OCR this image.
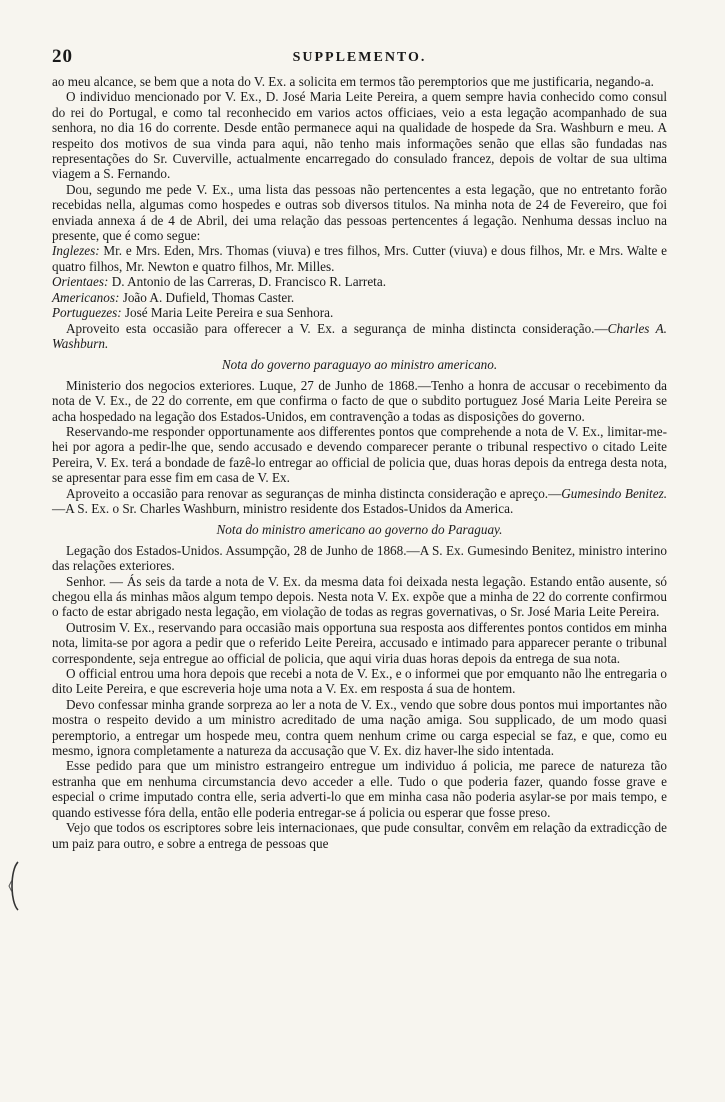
20	SUPPLEMENTO.

ao meu alcance, se bem que a nota do V. Ex. a solicita em termos tão peremptorios que me justificaria, negando-a.

O individuo mencionado por V. Ex., D. José Maria Leite Pereira, a quem sempre havia conhecido como consul do rei do Portugal, e como tal reconhecido em varios actos officiaes, veio a esta legação acompanhado de sua senhora, no dia 16 do corrente. Desde então permanece aqui na qualidade de hospede da Sra. Washburn e meu. A respeito dos motivos de sua vinda para aqui, não tenho mais informações senão que ellas são fundadas nas representações do Sr. Cuverville, actualmente encarregado do consulado francez, depois de voltar de sua ultima viagem a S. Fernando.

Dou, segundo me pede V. Ex., uma lista das pessoas não pertencentes a esta legação, que no entretanto forão recebidas nella, algumas como hospedes e outras sob diversos titulos. Na minha nota de 24 de Fevereiro, que foi enviada annexa á de 4 de Abril, dei uma relação das pessoas pertencentes á legação. Nenhuma dessas incluo na presente, que é como segue:

Inglezes: Mr. e Mrs. Eden, Mrs. Thomas (viuva) e tres filhos, Mrs. Cutter (viuva) e dous filhos, Mr. e Mrs. Walte e quatro filhos, Mr. Newton e quatro filhos, Mr. Milles.

Orientaes: D. Antonio de las Carreras, D. Francisco R. Larreta.

Americanos: João A. Dufield, Thomas Caster.

Portuguezes: José Maria Leite Pereira e sua Senhora.

Aproveito esta occasião para offerecer a V. Ex. a segurança de minha distincta consideração.—Charles A. Washburn.

Nota do governo paraguayo ao ministro americano.

Ministerio dos negocios exteriores. Luque, 27 de Junho de 1868.—Tenho a honra de accusar o recebimento da nota de V. Ex., de 22 do corrente, em que confirma o facto de que o subdito portuguez José Maria Leite Pereira se acha hospedado na legação dos Estados-Unidos, em contravenção a todas as disposições do governo.

Reservando-me responder opportunamente aos differentes pontos que comprehende a nota de V. Ex., limitar-me-hei por agora a pedir-lhe que, sendo accusado e devendo comparecer perante o tribunal respectivo o citado Leite Pereira, V. Ex. terá a bondade de fazê-lo entregar ao official de policia que, duas horas depois da entrega desta nota, se apresentar para esse fim em casa de V. Ex.

Aproveito a occasião para renovar as seguranças de minha distincta consideração e apreço.—Gumesindo Benitez.—A S. Ex. o Sr. Charles Washburn, ministro residente dos Estados-Unidos da America.

Nota do ministro americano ao governo do Paraguay.

Legação dos Estados-Unidos. Assumpção, 28 de Junho de 1868.—A S. Ex. Gumesindo Benitez, ministro interino das relações exteriores.

Senhor. — Ás seis da tarde a nota de V. Ex. da mesma data foi deixada nesta legação. Estando então ausente, só chegou ella ás minhas mãos algum tempo depois. Nesta nota V. Ex. expõe que a minha de 22 do corrente confirmou o facto de estar abrigado nesta legação, em violação de todas as regras governativas, o Sr. José Maria Leite Pereira.

Outrosim V. Ex., reservando para occasião mais opportuna sua resposta aos differentes pontos contidos em minha nota, limita-se por agora a pedir que o referido Leite Pereira, accusado e intimado para apparecer perante o tribunal correspondente, seja entregue ao official de policia, que aqui viria duas horas depois da entrega de sua nota.

O official entrou uma hora depois que recebi a nota de V. Ex., e o informei que por emquanto não lhe entregaria o dito Leite Pereira, e que escreveria hoje uma nota a V. Ex. em resposta á sua de hontem.

Devo confessar minha grande sorpreza ao ler a nota de V. Ex., vendo que sobre dous pontos mui importantes não mostra o respeito devido a um ministro acreditado de uma nação amiga. Sou supplicado, de um modo quasi peremptorio, a entregar um hospede meu, contra quem nenhum crime ou carga especial se faz, e que, como eu mesmo, ignora completamente a natureza da accusação que V. Ex. diz haver-lhe sido intentada.

Esse pedido para que um ministro estrangeiro entregue um individuo á policia, me parece de natureza tão estranha que em nenhuma circumstancia devo acceder a elle. Tudo o que poderia fazer, quando fosse grave e especial o crime imputado contra elle, seria adverti-lo que em minha casa não poderia asylar-se por mais tempo, e quando estivesse fóra della, então elle poderia entregar-se á policia ou esperar que fosse preso.

Vejo que todos os escriptores sobre leis internacionaes, que pude consultar, convêm em relação da extradicção de um paiz para outro, e sobre a entrega de pessoas que
